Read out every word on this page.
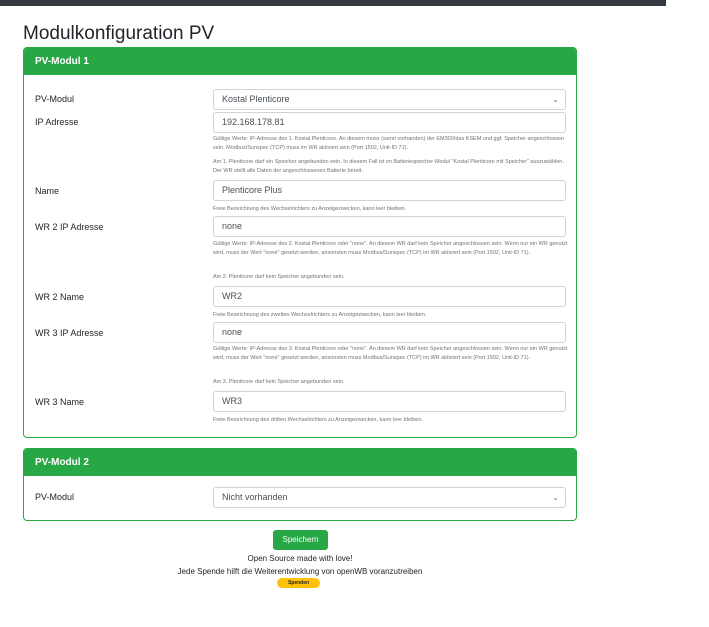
Modulkonfiguration PV
PV-Modul 1
PV-Modul	Kostal Plenticore	⌄
IP Adresse	192.168.178.81

Gültige Werte: IP-Adresse des 1. Kostal Plenticore. An diesem muss (wenn vorhanden) der EM300/das KSEM und ggf. Speicher angeschlossen sein. Modbus/Sunspec (TCP) muss im WR aktiviert sein (Port 1502, Unit-ID 71).

Am 1. Plenticore darf ein Speicher angebunden sein. In diesem Fall ist im Batteriespeicher-Modul "Kostal Plenticore mit Speicher" auszuwählen. Der WR stellt alle Daten der angeschlossenen Batterie bereit.

Name	Plenticore Plus

Freie Bezeichnung des Wechselrichters zu Anzeigezwecken, kann leer bleiben.

WR 2 IP Adresse	none

Gültige Werte: IP-Adresse des 2. Kostal Plenticore oder "none". An diesem WR darf kein Speicher angeschlossen sein. Wenn nur ein WR genutzt wird, muss der Wert "none" gesetzt werden, ansonsten muss Modbus/Sunspec (TCP) im WR aktiviert sein (Port 1502, Unit-ID 71).

Am 2. Plenticore darf kein Speicher angebunden sein.

WR 2 Name	WR2

Freie Bezeichnung des zweiten Wechselrichters zu Anzeigezwecken, kann leer bleiben.

WR 3 IP Adresse	none

Gültige Werte: IP-Adresse des 3. Kostal Plenticore oder "none". An diesem WR darf kein Speicher angeschlossen sein. Wenn nur ein WR genutzt wird, muss der Wert "none" gesetzt werden, ansonsten muss Modbus/Sunspec (TCP) im WR aktiviert sein (Port 1502, Unit-ID 71).

Am 3. Plenticore darf kein Speicher angebunden sein.

WR 3 Name	WR3

Freie Bezeichnung des dritten Wechselrichters zu Anzeigezwecken, kann leer bleiben.

PV-Modul 2
PV-Modul	Nicht vorhanden	⌄
Speichern
Open Source made with love!
Jede Spende hilft die Weiterentwicklung von openWB voranzutreiben
Spenden
